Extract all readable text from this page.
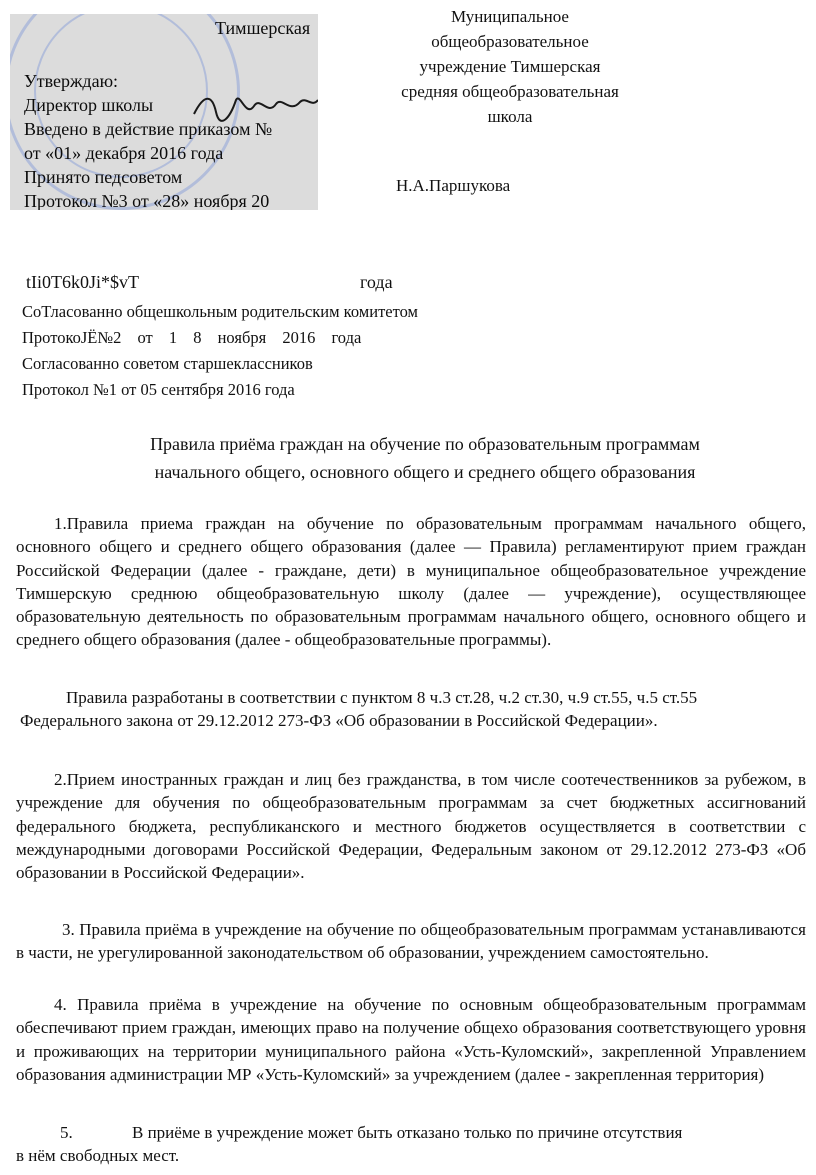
Тимшерская
Утверждаю:
Директор школы
Введено в действие приказом №
от «01» декабря 2016 года
Принято педсоветом
Протокол №3 от «28» ноября 20
Муниципальное
общеобразовательное
учреждение Тимшерская
средняя общеобразовательная
школа
Н.А.Паршукова
tIi0T6k0Ji*$vT	года
СоТласованно общешкольным родительским комитетом
ПротокоЈЁ№2 от 1 8 ноября 2016 года
Согласованно советом старшеклассников
Протокол №1 от 05 сентября 2016 года
Правила приёма граждан на обучение по образовательным программам
начального общего, основного общего и среднего общего образования
1.Правила приема граждан на обучение по образовательным программам начального общего, основного общего и среднего общего образования (далее — Правила) регламентируют прием граждан Российской Федерации (далее - граждане, дети) в муниципальное общеобразовательное учреждение Тимшерскую среднюю общеобразовательную школу (далее — учреждение), осуществляющее образовательную деятельность по образовательным программам начального общего, основного общего и среднего общего образования (далее - общеобразовательные программы).
Правила разработаны в соответствии с пунктом 8 ч.3 ст.28, ч.2 ст.30, ч.9 ст.55, ч.5 ст.55 Федерального закона от 29.12.2012 273-ФЗ «Об образовании в Российской Федерации».
2.Прием иностранных граждан и лиц без гражданства, в том числе соотечественников за рубежом, в учреждение для обучения по общеобразовательным программам за счет бюджетных ассигнований федерального бюджета, республиканского и местного бюджетов осуществляется в соответствии с международными договорами Российской Федерации, Федеральным законом от 29.12.2012 273-ФЗ «Об образовании в Российской Федерации».
3. Правила приёма в учреждение на обучение по общеобразовательным программам устанавливаются в части, не урегулированной законодательством об образовании, учреждением самостоятельно.
4. Правила приёма в учреждение на обучение по основным общеобразовательным программам обеспечивают прием граждан, имеющих право на получение общехо образования соответствующего уровня и проживающих на территории муниципального района «Усть-Куломский», закрепленной Управлением образования администрации МР «Усть-Куломский» за учреждением (далее - закрепленная территория)
5.	В приёме в учреждение может быть отказано только по причине отсутствия
в нём свободных мест.
